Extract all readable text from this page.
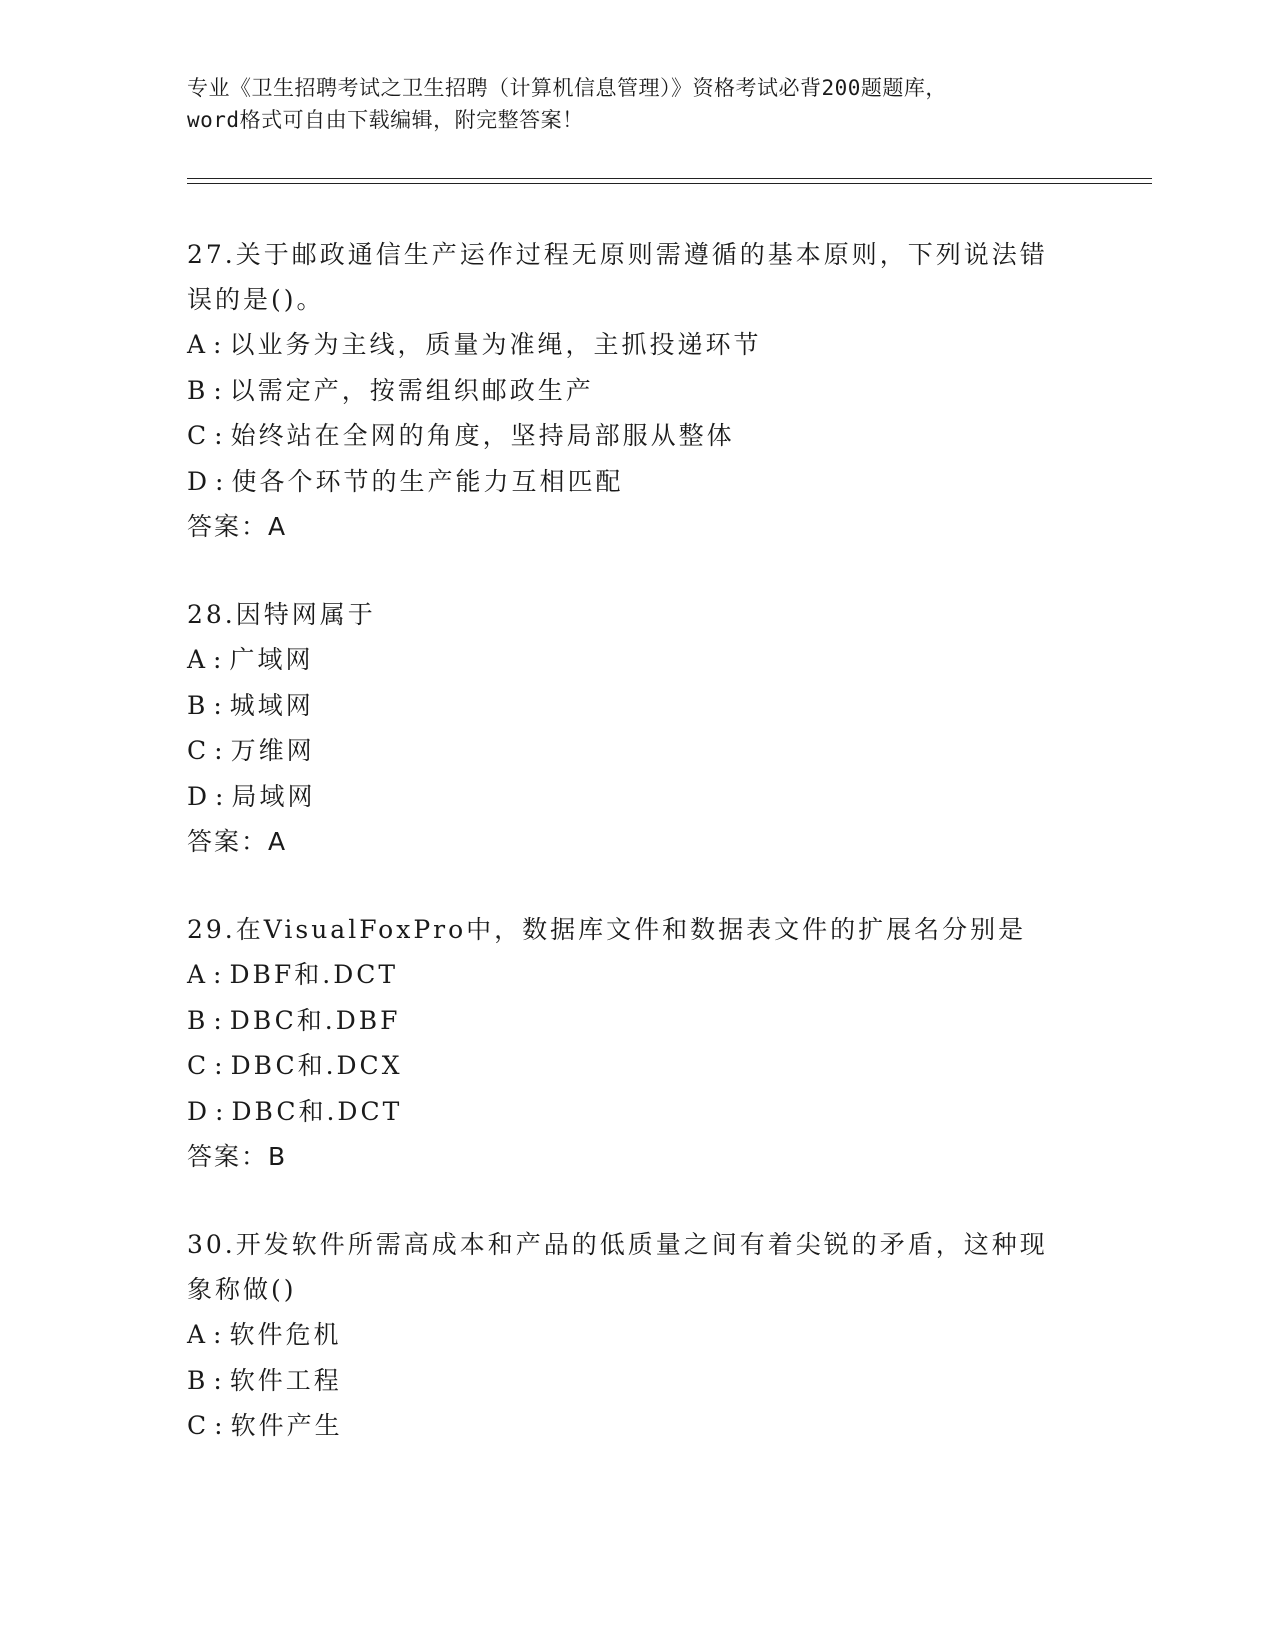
专业《卫生招聘考试之卫生招聘（计算机信息管理）》资格考试必背200题题库，
word格式可自由下载编辑，附完整答案！

27.关于邮政通信生产运作过程无原则需遵循的基本原则，下列说法错
误的是()。

A:以业务为主线，质量为准绳，主抓投递环节

B:以需定产，按需组织邮政生产

C:始终站在全网的角度，坚持局部服从整体

D:使各个环节的生产能力互相匹配

答案：A

28.因特网属于

A:广域网

B:城域网

C:万维网

D:局域网

答案：A

29.在VisualFoxPro中，数据库文件和数据表文件的扩展名分别是

A:DBF和.DCT

B:DBC和.DBF

C:DBC和.DCX

D:DBC和.DCT

答案：B

30.开发软件所需高成本和产品的低质量之间有着尖锐的矛盾，这种现
象称做()

A:软件危机

B:软件工程

C:软件产生
